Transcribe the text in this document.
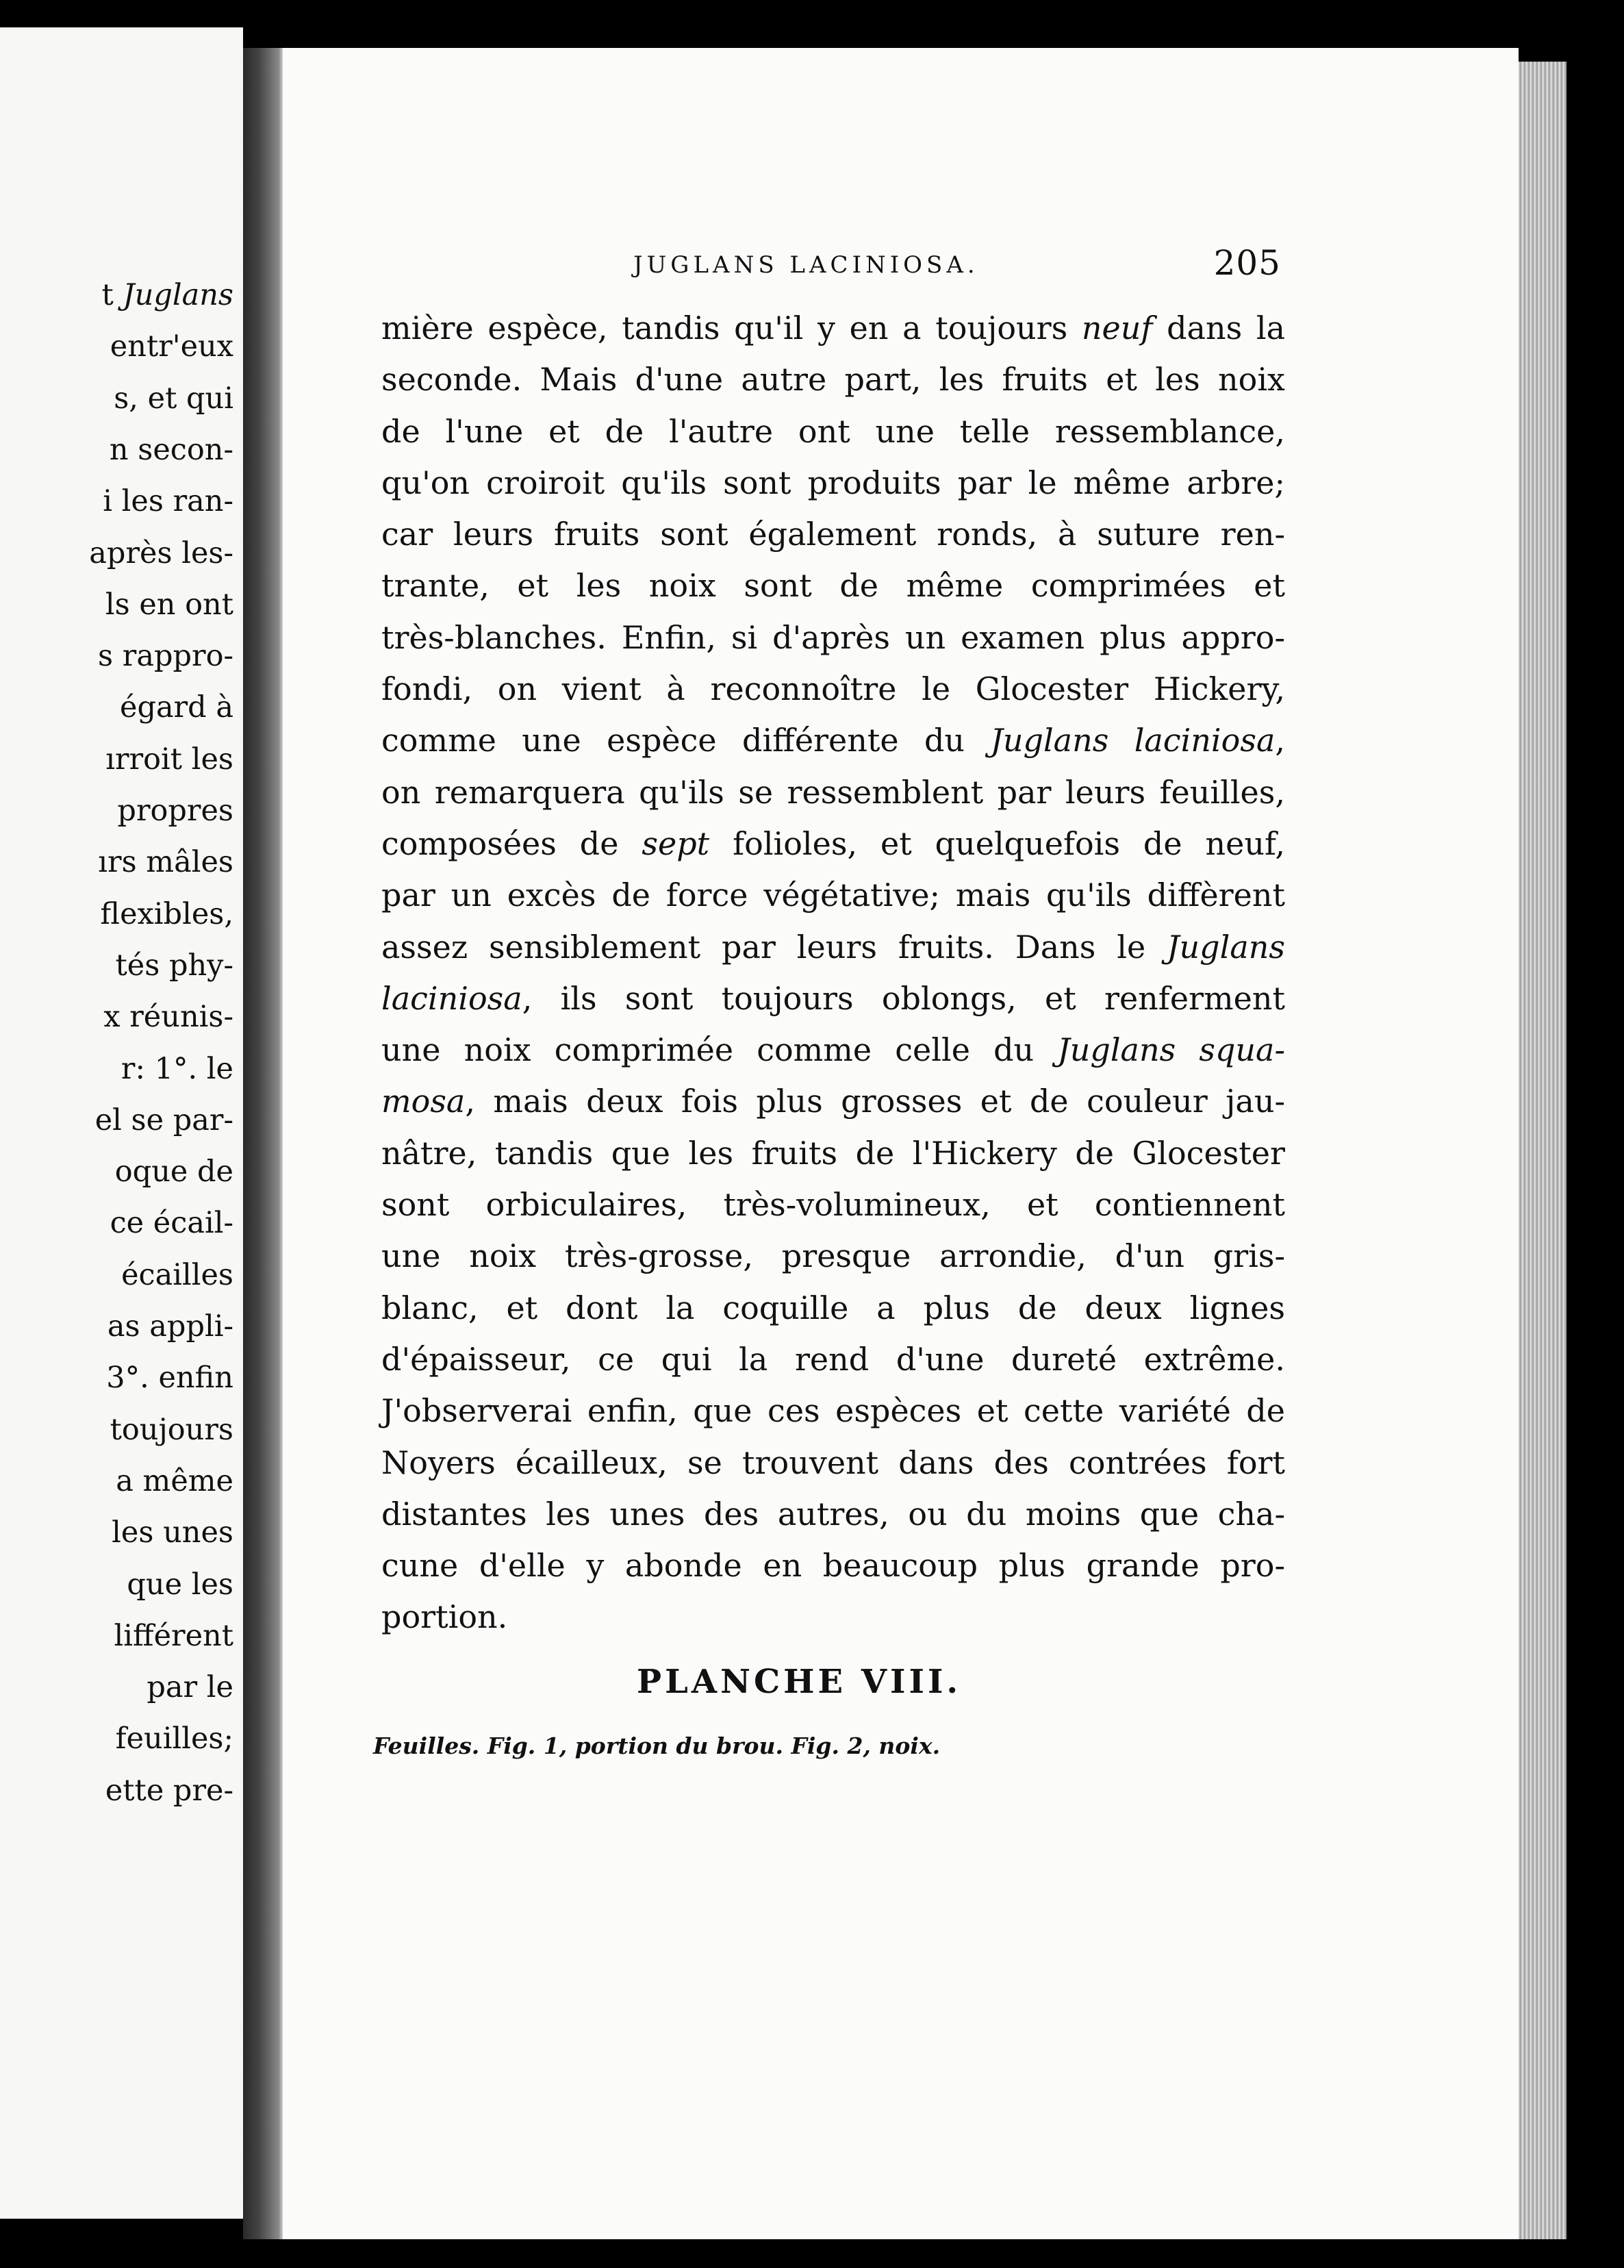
t Juglans
entr'eux
s, et qui
n secon-
i les ran-
après les-
ls en ont
s rappro-
égard à
ırroit les
propres
ırs mâles
flexibles,
tés phy-
x réunis-
r: 1°. le
el se par-
oque de
ce écail-
écailles
as appli-
3°. enfin
toujours
a même
les unes
que les
lifférent
par le
feuilles;
ette pre-
JUGLANS LACINIOSA.	205
mière espèce, tandis qu'il y en a toujours neuf dans la
seconde. Mais d'une autre part, les fruits et les noix
de l'une et de l'autre ont une telle ressemblance,
qu'on croiroit qu'ils sont produits par le même arbre;
car leurs fruits sont également ronds, à suture ren-
trante, et les noix sont de même comprimées et
très-blanches. Enfin, si d'après un examen plus appro-
fondi, on vient à reconnoître le Glocester Hickery,
comme une espèce différente du Juglans laciniosa,
on remarquera qu'ils se ressemblent par leurs feuilles,
composées de sept folioles, et quelquefois de neuf,
par un excès de force végétative; mais qu'ils diffèrent
assez sensiblement par leurs fruits. Dans le Juglans
laciniosa, ils sont toujours oblongs, et renferment
une noix comprimée comme celle du Juglans squa-
mosa, mais deux fois plus grosses et de couleur jau-
nâtre, tandis que les fruits de l'Hickery de Glocester
sont orbiculaires, très-volumineux, et contiennent
une noix très-grosse, presque arrondie, d'un gris-
blanc, et dont la coquille a plus de deux lignes
d'épaisseur, ce qui la rend d'une dureté extrême.
J'observerai enfin, que ces espèces et cette variété de
Noyers écailleux, se trouvent dans des contrées fort
distantes les unes des autres, ou du moins que cha-
cune d'elle y abonde en beaucoup plus grande pro-
portion.
PLANCHE VIII.
Feuilles. Fig. 1, portion du brou. Fig. 2, noix.
